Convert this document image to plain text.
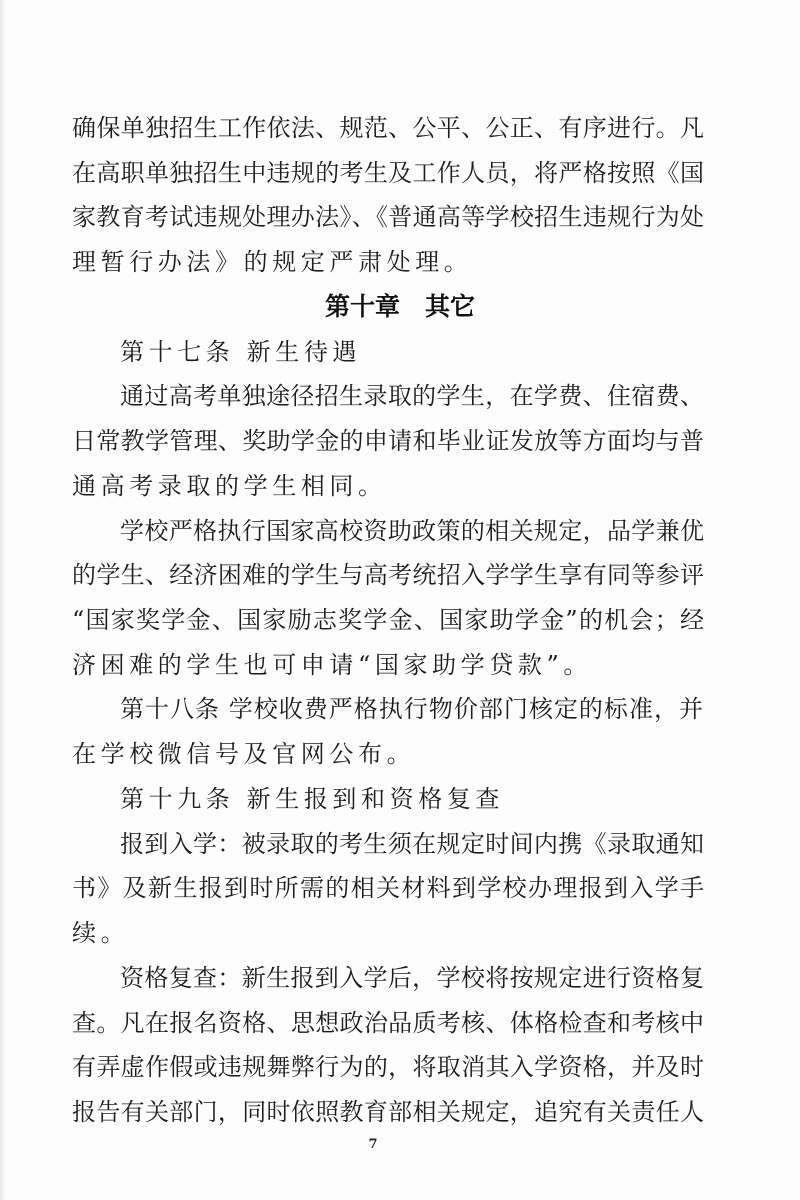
确保单独招生工作依法、规范、公平、公正、有序进行。凡
在高职单独招生中违规的考生及工作人员，将严格按照《国
家教育考试违规处理办法》、《普通高等学校招生违规行为处
理暂行办法》的规定严肃处理。
第十章　其它
第十七条 新生待遇
通过高考单独途径招生录取的学生，在学费、住宿费、
日常教学管理、奖助学金的申请和毕业证发放等方面均与普
通高考录取的学生相同。
学校严格执行国家高校资助政策的相关规定，品学兼优
的学生、经济困难的学生与高考统招入学学生享有同等参评
“国家奖学金、国家励志奖学金、国家助学金”的机会；经
济困难的学生也可申请“国家助学贷款”。
第十八条 学校收费严格执行物价部门核定的标准，并
在学校微信号及官网公布。
第十九条 新生报到和资格复查
报到入学：被录取的考生须在规定时间内携《录取通知
书》及新生报到时所需的相关材料到学校办理报到入学手
续。
资格复查：新生报到入学后，学校将按规定进行资格复
查。凡在报名资格、思想政治品质考核、体格检查和考核中
有弄虚作假或违规舞弊行为的，将取消其入学资格，并及时
报告有关部门，同时依照教育部相关规定，追究有关责任人
7
